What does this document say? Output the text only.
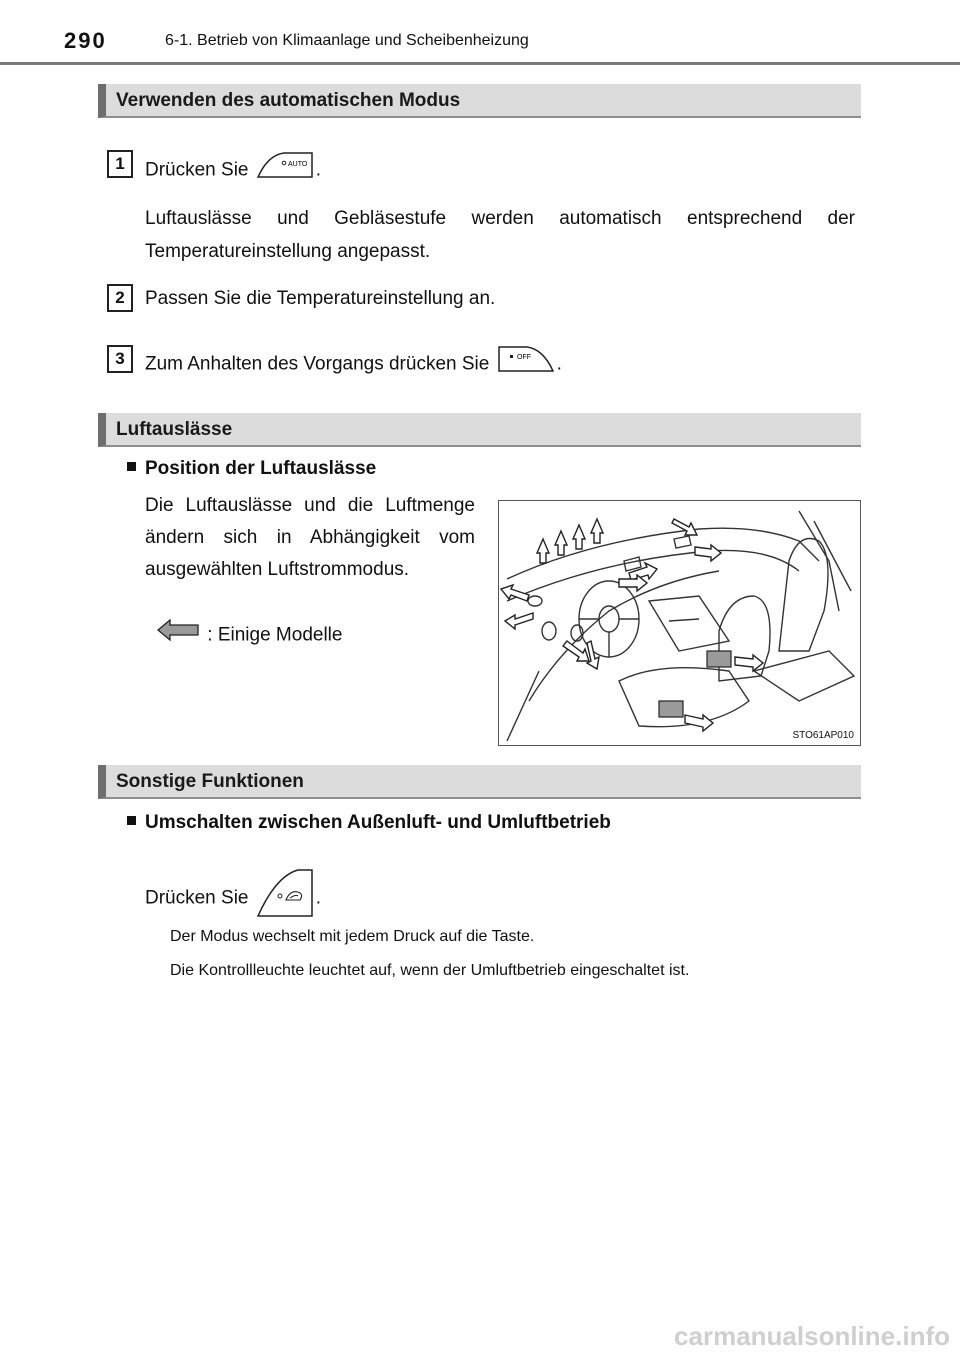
290	6-1. Betrieb von Klimaanlage und Scheibenheizung
Verwenden des automatischen Modus
1	Drücken Sie	AUTO .
Luftauslässe und Gebläsestufe werden automatisch entsprechend der Temperatureinstellung angepasst.
2	Passen Sie die Temperatureinstellung an.
3	Zum Anhalten des Vorgangs drücken Sie	OFF .
Luftauslässe
Position der Luftauslässe
Die Luftauslässe und die Luftmenge ändern sich in Abhängigkeit vom ausgewählten Luftstrommodus.
: Einige Modelle
STO61AP010
Sonstige Funktionen
Umschalten zwischen Außenluft- und Umluftbetrieb
Drücken Sie	.
Der Modus wechselt mit jedem Druck auf die Taste.
Die Kontrollleuchte leuchtet auf, wenn der Umluftbetrieb eingeschaltet ist.
carmanualsonline.info
